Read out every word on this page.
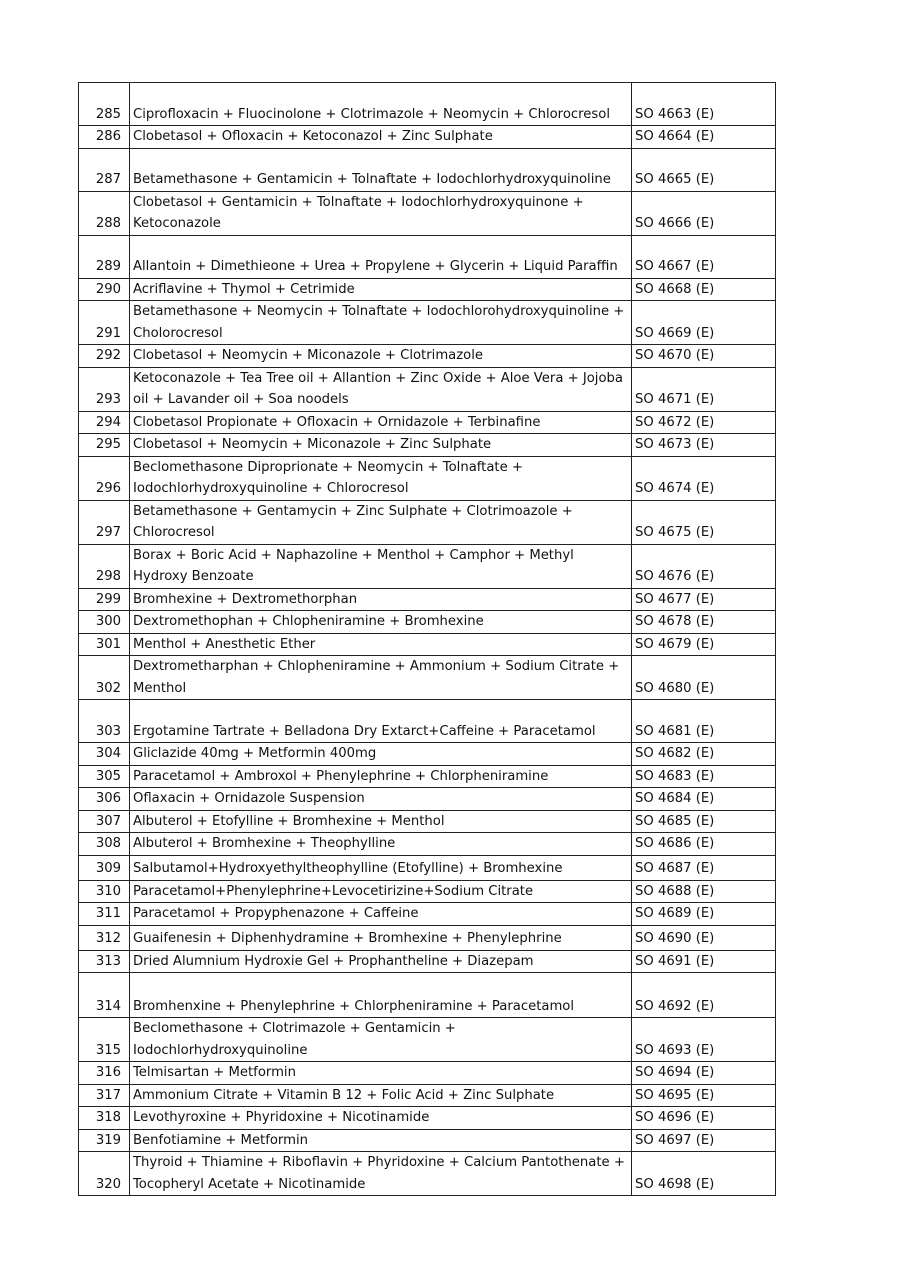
285	Ciprofloxacin + Fluocinolone + Clotrimazole + Neomycin + Chlorocresol	SO 4663 (E)
286	Clobetasol + Ofloxacin + Ketoconazol + Zinc Sulphate	SO 4664 (E)
287	Betamethasone + Gentamicin + Tolnaftate + Iodochlorhydroxyquinoline	SO 4665 (E)
288	Clobetasol + Gentamicin + Tolnaftate + Iodochlorhydroxyquinone + Ketoconazole	SO 4666 (E)
289	Allantoin + Dimethieone + Urea + Propylene + Glycerin + Liquid Paraffin	SO 4667 (E)
290	Acriflavine + Thymol + Cetrimide	SO 4668 (E)
291	Betamethasone + Neomycin + Tolnaftate + Iodochlorohydroxyquinoline + Cholorocresol	SO 4669 (E)
292	Clobetasol + Neomycin + Miconazole + Clotrimazole	SO 4670 (E)
293	Ketoconazole + Tea Tree oil + Allantion + Zinc Oxide + Aloe Vera + Jojoba oil + Lavander oil + Soa noodels	SO 4671 (E)
294	Clobetasol Propionate + Ofloxacin + Ornidazole + Terbinafine	SO 4672 (E)
295	Clobetasol + Neomycin + Miconazole + Zinc Sulphate	SO 4673 (E)
296	Beclomethasone Diproprionate + Neomycin + Tolnaftate + Iodochlorhydroxyquinoline + Chlorocresol	SO 4674 (E)
297	Betamethasone + Gentamycin + Zinc Sulphate + Clotrimoazole + Chlorocresol	SO 4675 (E)
298	Borax + Boric Acid + Naphazoline + Menthol + Camphor + Methyl Hydroxy Benzoate	SO 4676 (E)
299	Bromhexine + Dextromethorphan	SO 4677 (E)
300	Dextromethophan + Chlopheniramine + Bromhexine	SO 4678 (E)
301	Menthol + Anesthetic Ether	SO 4679 (E)
302	Dextrometharphan + Chlopheniramine + Ammonium + Sodium Citrate + Menthol	SO 4680 (E)
303	Ergotamine Tartrate + Belladona Dry Extarct+Caffeine + Paracetamol	SO 4681 (E)
304	Gliclazide 40mg + Metformin 400mg	SO 4682 (E)
305	Paracetamol + Ambroxol + Phenylephrine + Chlorpheniramine	SO 4683 (E)
306	Oflaxacin + Ornidazole Suspension	SO 4684 (E)
307	Albuterol + Etofylline + Bromhexine + Menthol	SO 4685 (E)
308	Albuterol + Bromhexine + Theophylline	SO 4686 (E)
309	Salbutamol+Hydroxyethyltheophylline (Etofylline) + Bromhexine	SO 4687 (E)
310	Paracetamol+Phenylephrine+Levocetirizine+Sodium Citrate	SO 4688 (E)
311	Paracetamol + Propyphenazone + Caffeine	SO 4689 (E)
312	Guaifenesin + Diphenhydramine + Bromhexine + Phenylephrine	SO 4690 (E)
313	Dried Alumnium Hydroxie Gel + Prophantheline + Diazepam	SO 4691 (E)
314	Bromhenxine + Phenylephrine + Chlorpheniramine + Paracetamol	SO 4692 (E)
315	Beclomethasone + Clotrimazole + Gentamicin + Iodochlorhydroxyquinoline	SO 4693 (E)
316	Telmisartan + Metformin	SO 4694 (E)
317	Ammonium Citrate + Vitamin B 12 + Folic Acid + Zinc Sulphate	SO 4695 (E)
318	Levothyroxine + Phyridoxine + Nicotinamide	SO 4696 (E)
319	Benfotiamine + Metformin	SO 4697 (E)
320	Thyroid + Thiamine + Riboflavin + Phyridoxine + Calcium Pantothenate + Tocopheryl Acetate + Nicotinamide	SO 4698 (E)
